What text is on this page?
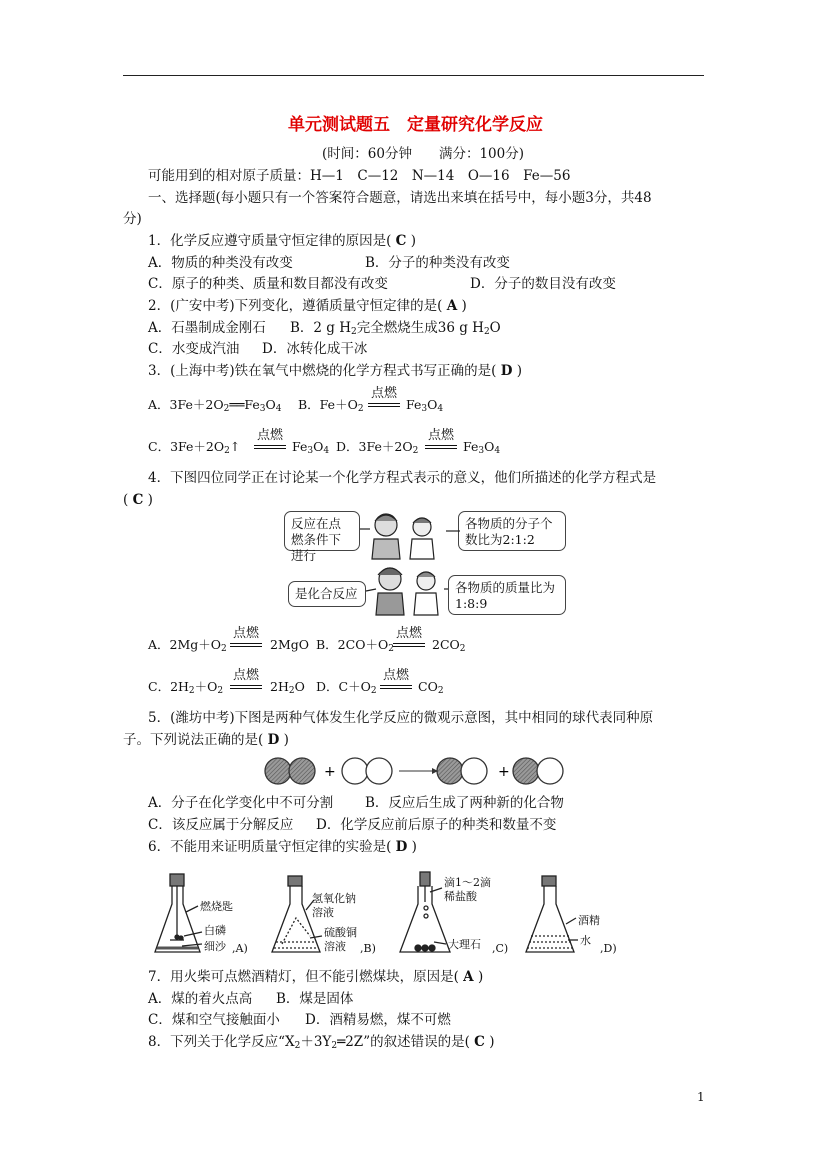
单元测试题五　定量研究化学反应
(时间：60分钟　　满分：100分)
可能用到的相对原子质量：H—1　C—12　N—14　O—16　Fe—56
一、选择题(每小题只有一个答案符合题意，请选出来填在括号中，每小题3分，共48
分)
1．化学反应遵守质量守恒定律的原因是( C )
A．物质的种类没有改变	B．分子的种类没有改变
C．原子的种类、质量和数目都没有改变	D．分子的数目没有改变
2．(广安中考)下列变化，遵循质量守恒定律的是( A )
A．石墨制成金刚石 B．2 g $H_2$完全燃烧生成36 g $H_2O$
C．水变成汽油 D．冰转化成干冰
3．(上海中考)铁在氧气中燃烧的化学方程式书写正确的是( D )
A．$3Fe+2O_2══Fe_3O_4$ B．$Fe+O_2$
点燃
$Fe_3O_4$
C．$3Fe+2O_2↑$
点燃
$Fe_3O_4$ D．$3Fe+2O_2$
点燃
$Fe_3O_4$
4．下图四位同学正在讨论某一个化学方程式表示的意义，他们所描述的化学方程式是
( C )
反应在点燃条件下进行
各物质的分子个数比为2:1:2
是化合反应	各物质的质量比为1:8:9
A．$2Mg+O_2$
点燃
2MgO B．$2CO+O_2$
点燃
$2CO_2$
C．$2H_2+O_2$
点燃
$2H_2O$ D．$C+O_2$
点燃
$CO_2$
5．(潍坊中考)下图是两种气体发生化学反应的微观示意图，其中相同的球代表同种原
子。下列说法正确的是( D )
+	+
A．分子在化学变化中不可分割 B．反应后生成了两种新的化合物
C．该反应属于分解反应 D．化学反应前后原子的种类和数量不变
6．不能用来证明质量守恒定律的实验是( D )
燃烧匙
白磷
细沙 ,A)
氢氧化钠
溶液
硫酸铜
溶液 ,B)
滴1～2滴
稀盐酸
大理石 ,C)
酒精
水
,D)
7．用火柴可点燃酒精灯，但不能引燃煤块，原因是( A )
A．煤的着火点高 B．煤是固体
C．煤和空气接触面小 D．酒精易燃，煤不可燃
8．下列关于化学反应“$X_2+3Y_2═2Z$”的叙述错误的是( C )
1
